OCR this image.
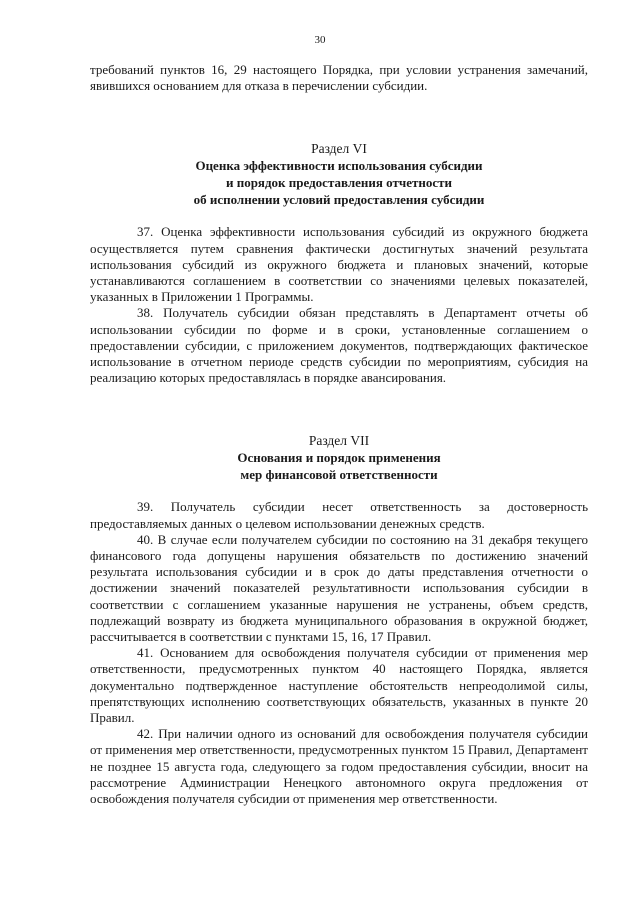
30

требований пунктов 16, 29 настоящего Порядка, при условии устранения замечаний, явившихся основанием для отказа в перечислении субсидии.

Раздел VI
Оценка эффективности использования субсидии
и порядок предоставления отчетности
об исполнении условий предоставления субсидии

37. Оценка эффективности использования субсидий из окружного бюджета осуществляется путем сравнения фактически достигнутых значений результата использования субсидий из окружного бюджета и плановых значений, которые устанавливаются соглашением в соответствии со значениями целевых показателей, указанных в Приложении 1 Программы.

38. Получатель субсидии обязан представлять в Департамент отчеты об использовании субсидии по форме и в сроки, установленные соглашением о предоставлении субсидии, с приложением документов, подтверждающих фактическое использование в отчетном периоде средств субсидии по мероприятиям, субсидия на реализацию которых предоставлялась в порядке авансирования.

Раздел VII
Основания и порядок применения
мер финансовой ответственности

39. Получатель субсидии несет ответственность за достоверность предоставляемых данных о целевом использовании денежных средств.

40. В случае если получателем субсидии по состоянию на 31 декабря текущего финансового года допущены нарушения обязательств по достижению значений результата использования субсидии и в срок до даты представления отчетности о достижении значений показателей результативности использования субсидии в соответствии с соглашением указанные нарушения не устранены, объем средств, подлежащий возврату из бюджета муниципального образования в окружной бюджет, рассчитывается в соответствии с пунктами 15, 16, 17 Правил.

41. Основанием для освобождения получателя субсидии от применения мер ответственности, предусмотренных пунктом 40 настоящего Порядка, является документально подтвержденное наступление обстоятельств непреодолимой силы, препятствующих исполнению соответствующих обязательств, указанных в пункте 20 Правил.

42. При наличии одного из оснований для освобождения получателя субсидии от применения мер ответственности, предусмотренных пунктом 15 Правил, Департамент не позднее 15 августа года, следующего за годом предоставления субсидии, вносит на рассмотрение Администрации Ненецкого автономного округа предложения от освобождения получателя субсидии от применения мер ответственности.
